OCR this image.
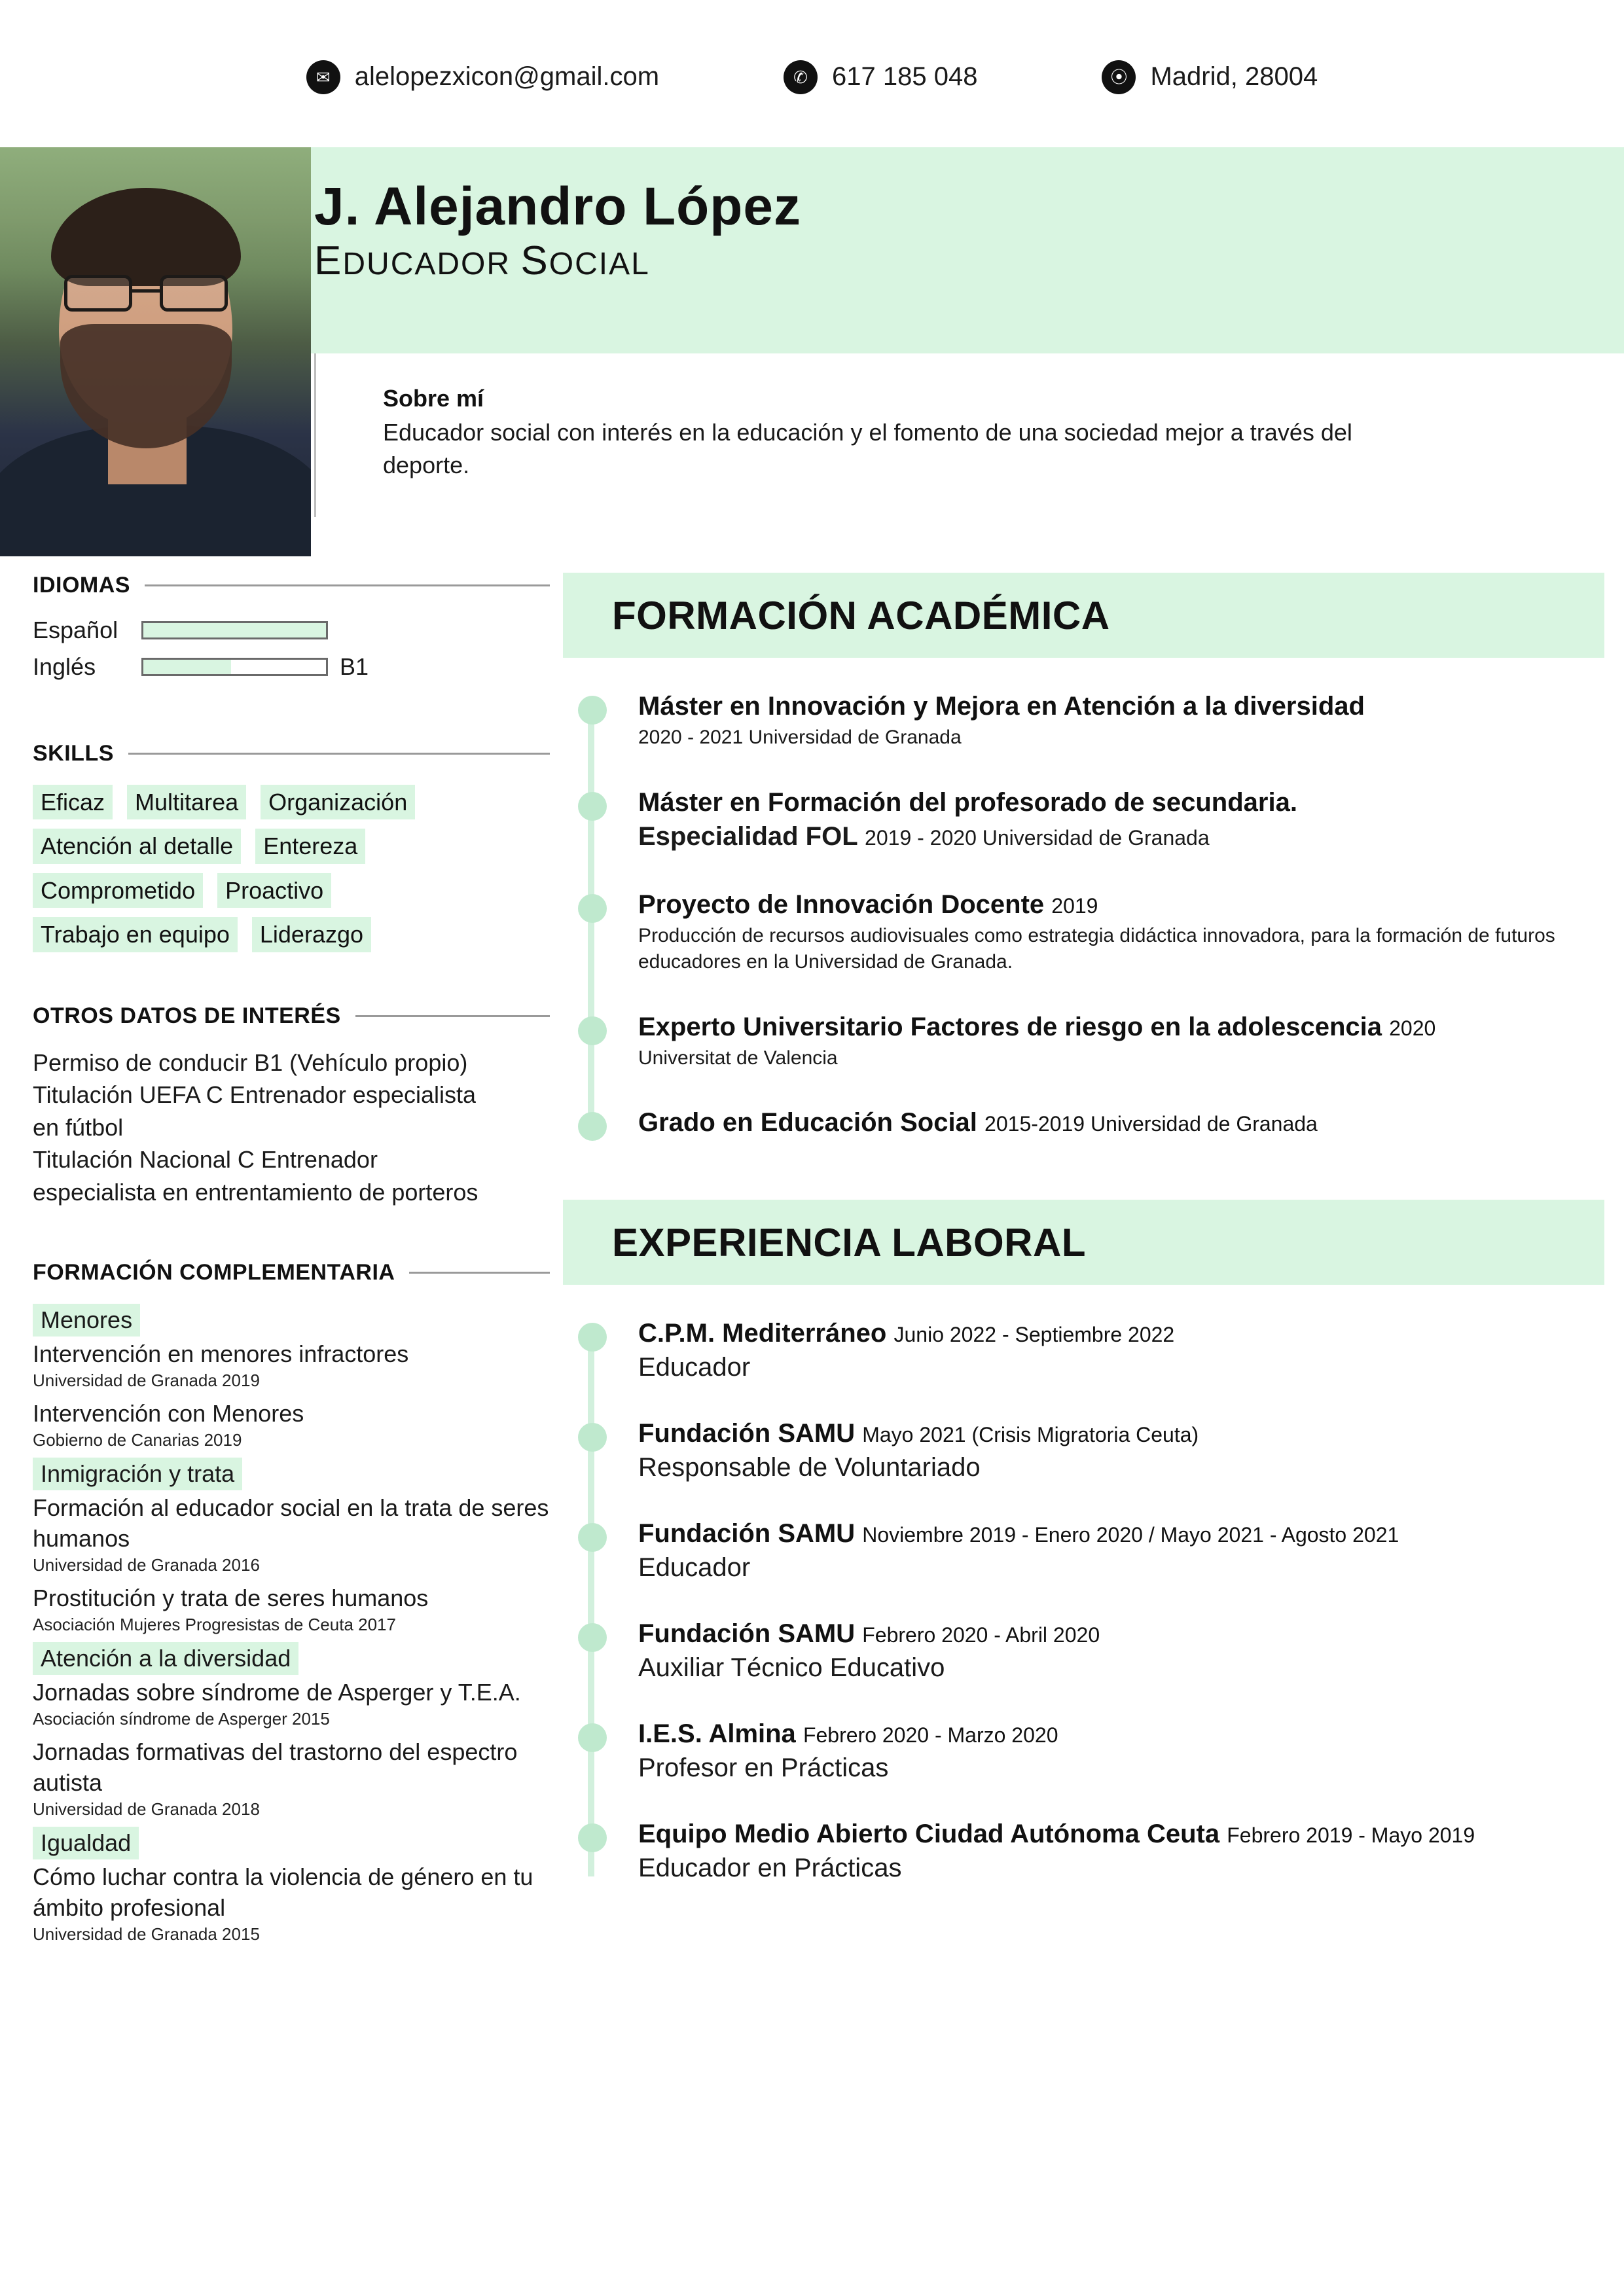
✉ alelopezxicon@gmail.com	✆ 617 185 048	⦿ Madrid, 28004
J. Alejandro López
EDUCADOR SOCIAL
Sobre mí

Educador social con interés en la educación y el fomento de una sociedad mejor a través del deporte.

IDIOMAS
Español
Inglés	B1
SKILLS
Eficaz	Multitarea	Organización
Atención al detalle	Entereza
Comprometido	Proactivo
Trabajo en equipo	Liderazgo
OTROS DATOS DE INTERÉS

Permiso de conducir B1 (Vehículo propio)

Titulación UEFA C Entrenador especialista

en fútbol

Titulación Nacional C Entrenador

especialista en entrentamiento de porteros

FORMACIÓN COMPLEMENTARIA
Menores

Intervención en menores infractores

Universidad de Granada 2019

Intervención con Menores

Gobierno de Canarias 2019

Inmigración y trata

Formación al educador social en la trata de seres humanos

Universidad de Granada 2016

Prostitución y trata de seres humanos

Asociación Mujeres Progresistas de Ceuta 2017

Atención a la diversidad

Jornadas sobre síndrome de Asperger y T.E.A.

Asociación síndrome de Asperger 2015

Jornadas formativas del trastorno del espectro autista

Universidad de Granada 2018

Igualdad

Cómo luchar contra la violencia de género en tu ámbito profesional

Universidad de Granada 2015

FORMACIÓN ACADÉMICA

Máster en Innovación y Mejora en Atención a la diversidad

2020 - 2021 Universidad de Granada

Máster en Formación del profesorado de secundaria.

Especialidad FOL 2019 - 2020 Universidad de Granada

Proyecto de Innovación Docente 2019

Producción de recursos audiovisuales como estrategia didáctica innovadora, para la formación de futuros educadores en la Universidad de Granada.

Experto Universitario Factores de riesgo en la adolescencia 2020

Universitat de Valencia

Grado en Educación Social 2015-2019 Universidad de Granada

EXPERIENCIA LABORAL

C.P.M. Mediterráneo Junio 2022 - Septiembre 2022

Educador

Fundación SAMU Mayo 2021 (Crisis Migratoria Ceuta)

Responsable de Voluntariado

Fundación SAMU Noviembre 2019 - Enero 2020 / Mayo 2021 - Agosto 2021

Educador

Fundación SAMU Febrero 2020 - Abril 2020

Auxiliar Técnico Educativo

I.E.S. Almina Febrero 2020 - Marzo 2020

Profesor en Prácticas

Equipo Medio Abierto Ciudad Autónoma Ceuta Febrero 2019 - Mayo 2019

Educador en Prácticas
